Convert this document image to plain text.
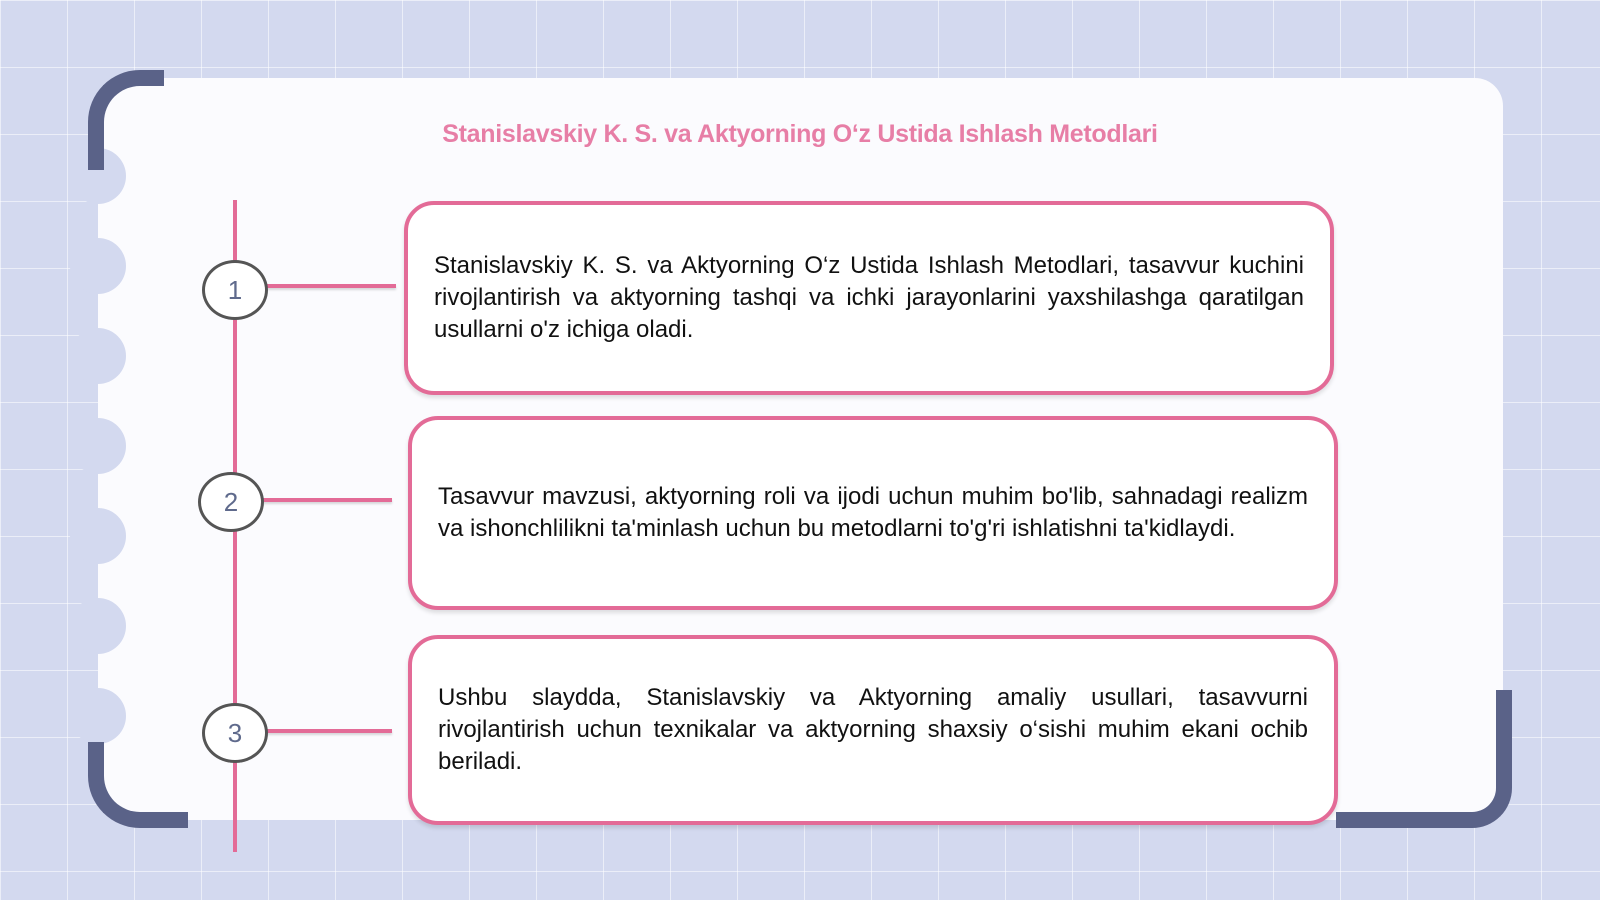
Stanislavskiy K. S. va Aktyorning O‘z Ustida Ishlash Metodlari
1
2
3

Stanislavskiy K. S. va Aktyorning O‘z Ustida Ishlash Metodlari, tasavvur kuchini rivojlantirish va aktyorning tashqi va ichki jarayonlarini yaxshilashga qaratilgan usullarni o'z ichiga oladi.

Tasavvur mavzusi, aktyorning roli va ijodi uchun muhim bo'lib, sahnadagi realizm va ishonchlilikni ta'minlash uchun bu metodlarni to'g'ri ishlatishni ta'kidlaydi.

Ushbu slaydda, Stanislavskiy va Aktyorning amaliy usullari, tasavvurni rivojlantirish uchun texnikalar va aktyorning shaxsiy o‘sishi muhim ekani ochib beriladi.
